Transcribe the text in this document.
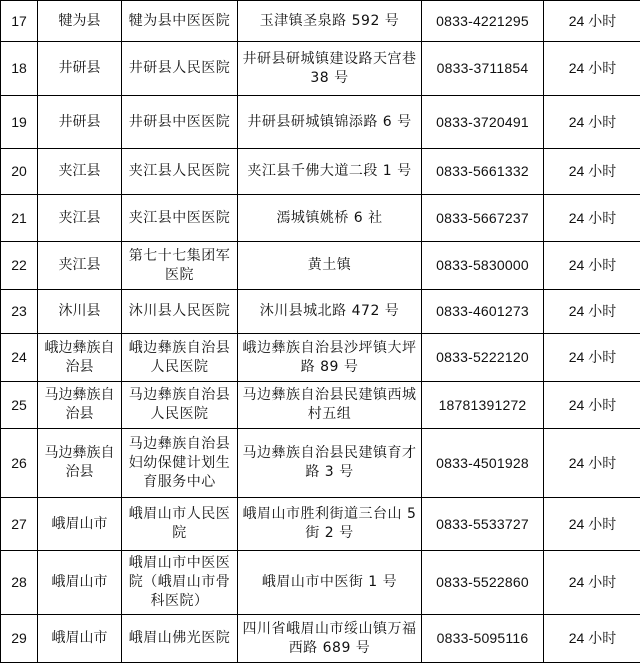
17	犍为县	犍为县中医医院	玉津镇圣泉路 592 号	0833-4221295	24 小时
18	井研县	井研县人民医院	井研县研城镇建设路天宫巷 38 号	0833-3711854	24 小时
19	井研县	井研县中医医院	井研县研城镇锦添路 6 号	0833-3720491	24 小时
20	夹江县	夹江县人民医院	夹江县千佛大道二段 1 号	0833-5661332	24 小时
21	夹江县	夹江县中医医院	漹城镇姚桥 6 社	0833-5667237	24 小时
22	夹江县	第七十七集团军医院	黄土镇	0833-5830000	24 小时
23	沐川县	沐川县人民医院	沐川县城北路 472 号	0833-4601273	24 小时
24	峨边彝族自治县	峨边彝族自治县人民医院	峨边彝族自治县沙坪镇大坪路 89 号	0833-5222120	24 小时
25	马边彝族自治县	马边彝族自治县人民医院	马边彝族自治县民建镇西城村五组	18781391272	24 小时
26	马边彝族自治县	马边彝族自治县妇幼保健计划生育服务中心	马边彝族自治县民建镇育才路 3 号	0833-4501928	24 小时
27	峨眉山市	峨眉山市人民医院	峨眉山市胜利街道三台山 5 街 2 号	0833-5533727	24 小时
28	峨眉山市	峨眉山市中医医院（峨眉山市骨科医院）	峨眉山市中医街 1 号	0833-5522860	24 小时
29	峨眉山市	峨眉山佛光医院	四川省峨眉山市绥山镇万福西路 689 号	0833-5095116	24 小时
